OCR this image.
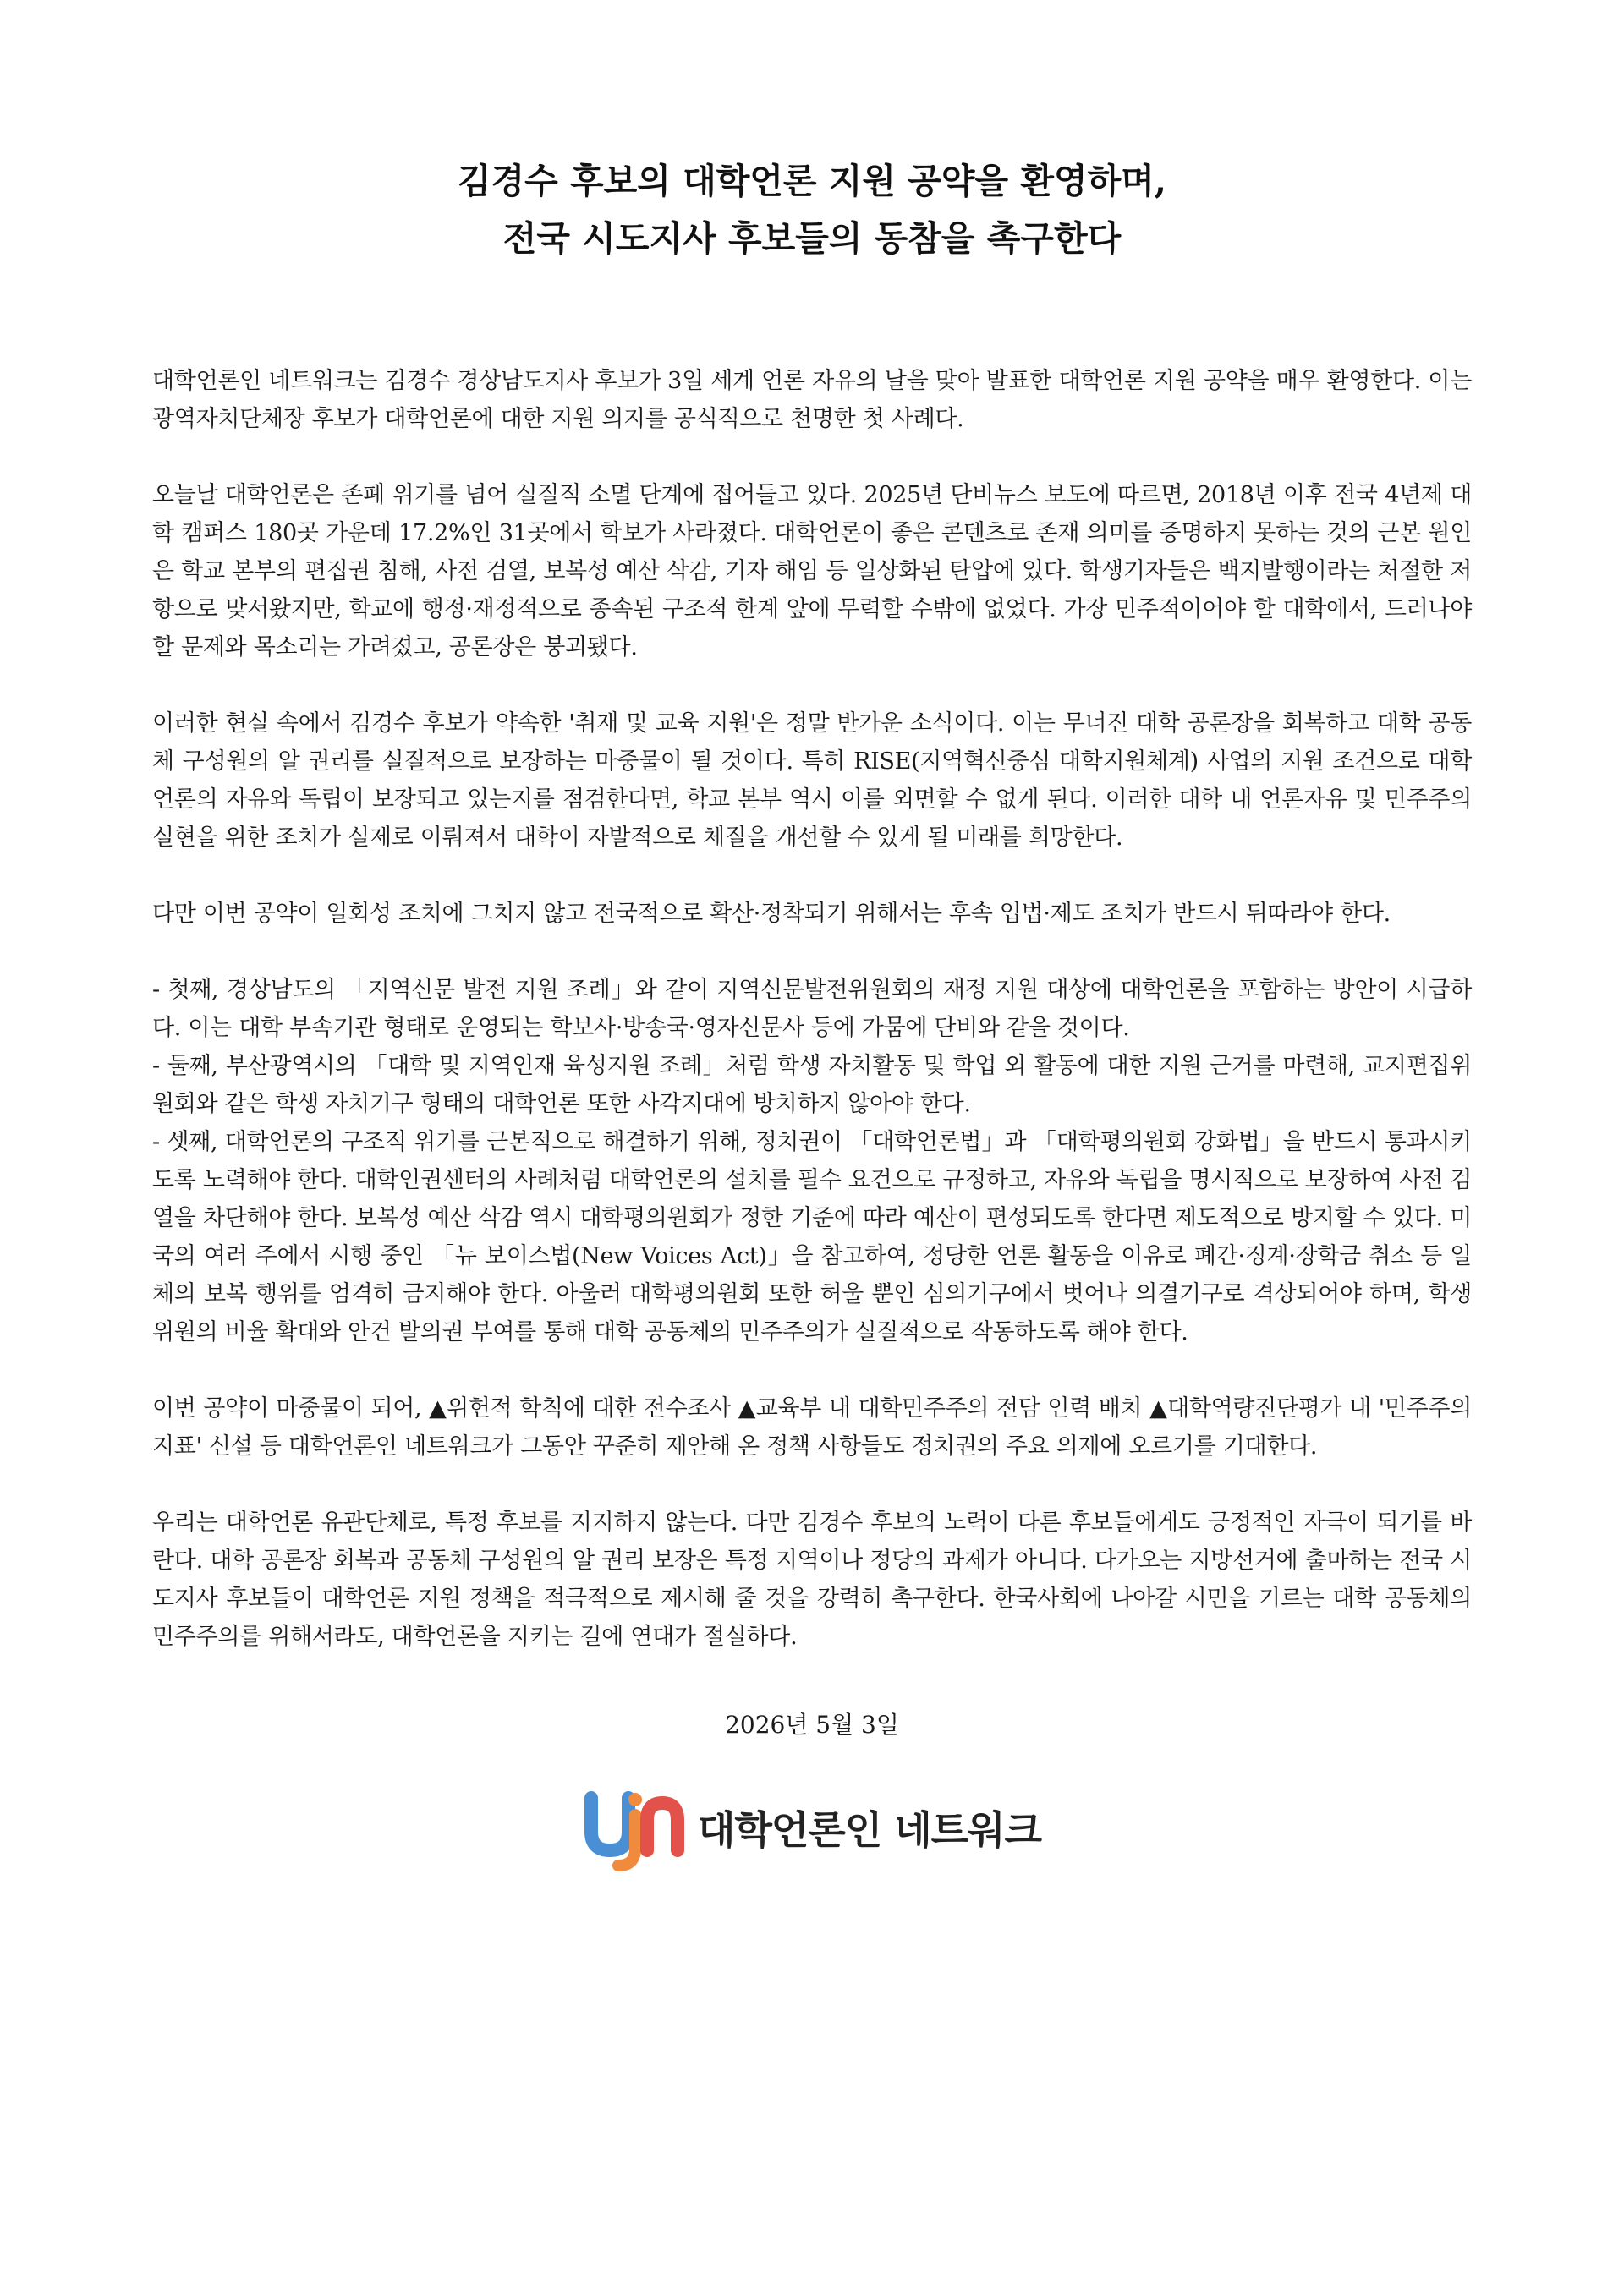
김경수 후보의 대학언론 지원 공약을 환영하며,
전국 시도지사 후보들의 동참을 촉구한다

대학언론인 네트워크는 김경수 경상남도지사 후보가 3일 세계 언론 자유의 날을 맞아 발표한 대학언론 지원 공약을 매우 환영한다. 이는 광역자치단체장 후보가 대학언론에 대한 지원 의지를 공식적으로 천명한 첫 사례다.

오늘날 대학언론은 존폐 위기를 넘어 실질적 소멸 단계에 접어들고 있다. 2025년 단비뉴스 보도에 따르면, 2018년 이후 전국 4년제 대학 캠퍼스 180곳 가운데 17.2%인 31곳에서 학보가 사라졌다. 대학언론이 좋은 콘텐츠로 존재 의미를 증명하지 못하는 것의 근본 원인은 학교 본부의 편집권 침해, 사전 검열, 보복성 예산 삭감, 기자 해임 등 일상화된 탄압에 있다. 학생기자들은 백지발행이라는 처절한 저항으로 맞서왔지만, 학교에 행정·재정적으로 종속된 구조적 한계 앞에 무력할 수밖에 없었다. 가장 민주적이어야 할 대학에서, 드러나야 할 문제와 목소리는 가려졌고, 공론장은 붕괴됐다.

이러한 현실 속에서 김경수 후보가 약속한 '취재 및 교육 지원'은 정말 반가운 소식이다. 이는 무너진 대학 공론장을 회복하고 대학 공동체 구성원의 알 권리를 실질적으로 보장하는 마중물이 될 것이다. 특히 RISE(지역혁신중심 대학지원체계) 사업의 지원 조건으로 대학언론의 자유와 독립이 보장되고 있는지를 점검한다면, 학교 본부 역시 이를 외면할 수 없게 된다. 이러한 대학 내 언론자유 및 민주주의 실현을 위한 조치가 실제로 이뤄져서 대학이 자발적으로 체질을 개선할 수 있게 될 미래를 희망한다.

다만 이번 공약이 일회성 조치에 그치지 않고 전국적으로 확산·정착되기 위해서는 후속 입법·제도 조치가 반드시 뒤따라야 한다.

- 첫째, 경상남도의 「지역신문 발전 지원 조례」와 같이 지역신문발전위원회의 재정 지원 대상에 대학언론을 포함하는 방안이 시급하다. 이는 대학 부속기관 형태로 운영되는 학보사·방송국·영자신문사 등에 가뭄에 단비와 같을 것이다.

- 둘째, 부산광역시의 「대학 및 지역인재 육성지원 조례」처럼 학생 자치활동 및 학업 외 활동에 대한 지원 근거를 마련해, 교지편집위원회와 같은 학생 자치기구 형태의 대학언론 또한 사각지대에 방치하지 않아야 한다.

- 셋째, 대학언론의 구조적 위기를 근본적으로 해결하기 위해, 정치권이 「대학언론법」과 「대학평의원회 강화법」을 반드시 통과시키도록 노력해야 한다. 대학인권센터의 사례처럼 대학언론의 설치를 필수 요건으로 규정하고, 자유와 독립을 명시적으로 보장하여 사전 검열을 차단해야 한다. 보복성 예산 삭감 역시 대학평의원회가 정한 기준에 따라 예산이 편성되도록 한다면 제도적으로 방지할 수 있다. 미국의 여러 주에서 시행 중인 「뉴 보이스법(New Voices Act)」을 참고하여, 정당한 언론 활동을 이유로 폐간·징계·장학금 취소 등 일체의 보복 행위를 엄격히 금지해야 한다. 아울러 대학평의원회 또한 허울 뿐인 심의기구에서 벗어나 의결기구로 격상되어야 하며, 학생 위원의 비율 확대와 안건 발의권 부여를 통해 대학 공동체의 민주주의가 실질적으로 작동하도록 해야 한다.

이번 공약이 마중물이 되어, ▲위헌적 학칙에 대한 전수조사 ▲교육부 내 대학민주주의 전담 인력 배치 ▲대학역량진단평가 내 '민주주의 지표' 신설 등 대학언론인 네트워크가 그동안 꾸준히 제안해 온 정책 사항들도 정치권의 주요 의제에 오르기를 기대한다.

우리는 대학언론 유관단체로, 특정 후보를 지지하지 않는다. 다만 김경수 후보의 노력이 다른 후보들에게도 긍정적인 자극이 되기를 바란다. 대학 공론장 회복과 공동체 구성원의 알 권리 보장은 특정 지역이나 정당의 과제가 아니다. 다가오는 지방선거에 출마하는 전국 시도지사 후보들이 대학언론 지원 정책을 적극적으로 제시해 줄 것을 강력히 촉구한다. 한국사회에 나아갈 시민을 기르는 대학 공동체의 민주주의를 위해서라도, 대학언론을 지키는 길에 연대가 절실하다.

2026년 5월 3일
대학언론인 네트워크
